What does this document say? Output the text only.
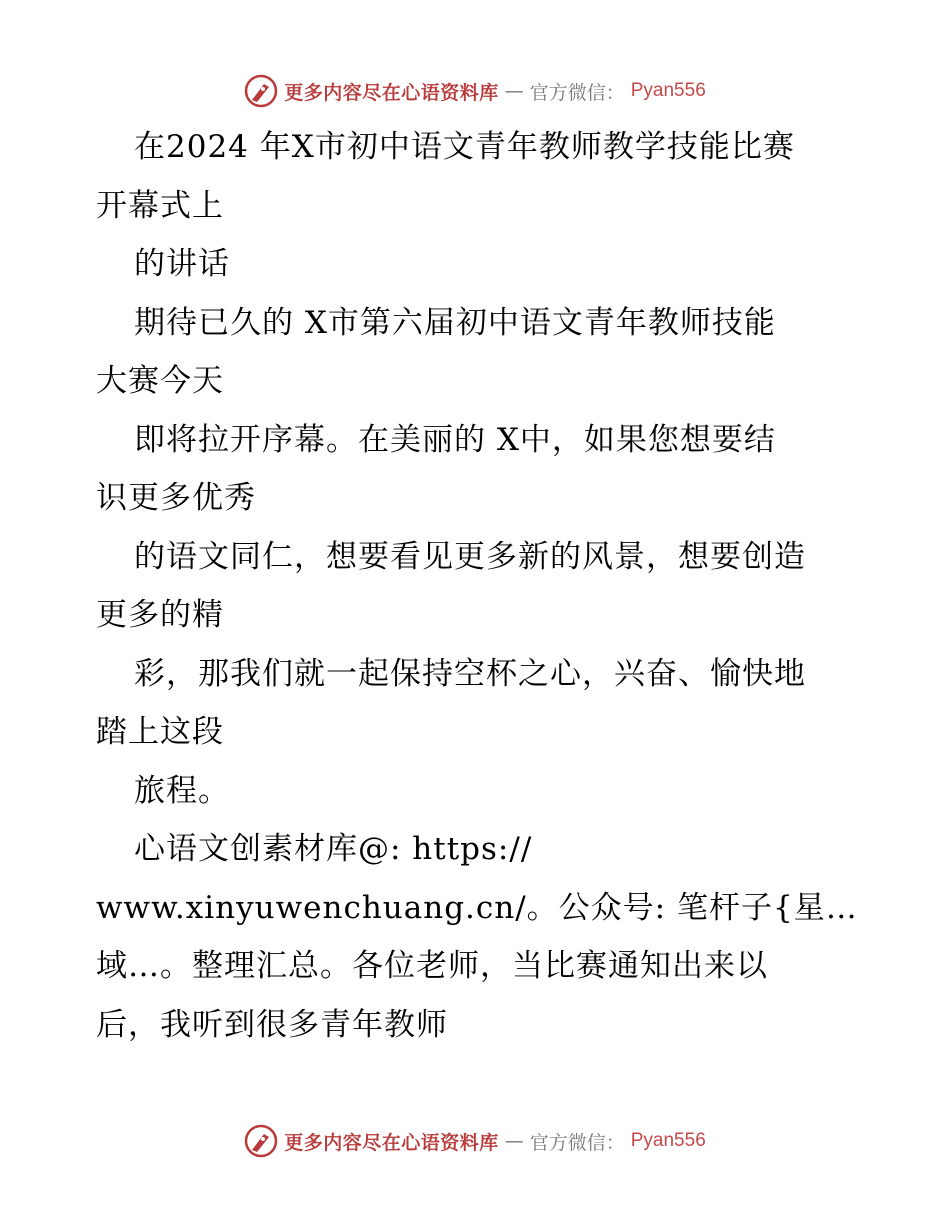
更多内容尽在心语资料库 — 官方微信： Pyan556
在2024 年X市初中语文青年教师教学技能比赛
开幕式上
的讲话
期待已久的 X市第六届初中语文青年教师技能
大赛今天
即将拉开序幕。在美丽的 X中，如果您想要结
识更多优秀
的语文同仁，想要看见更多新的风景，想要创造
更多的精
彩，那我们就一起保持空杯之心，兴奋、愉快地
踏上这段
旅程。
心语文创素材库@: https://
www.xinyuwenchuang.cn/。公众号: 笔杆子{星…
域…。整理汇总。各位老师，当比赛通知出来以
后，我听到很多青年教师
更多内容尽在心语资料库 — 官方微信： Pyan556
